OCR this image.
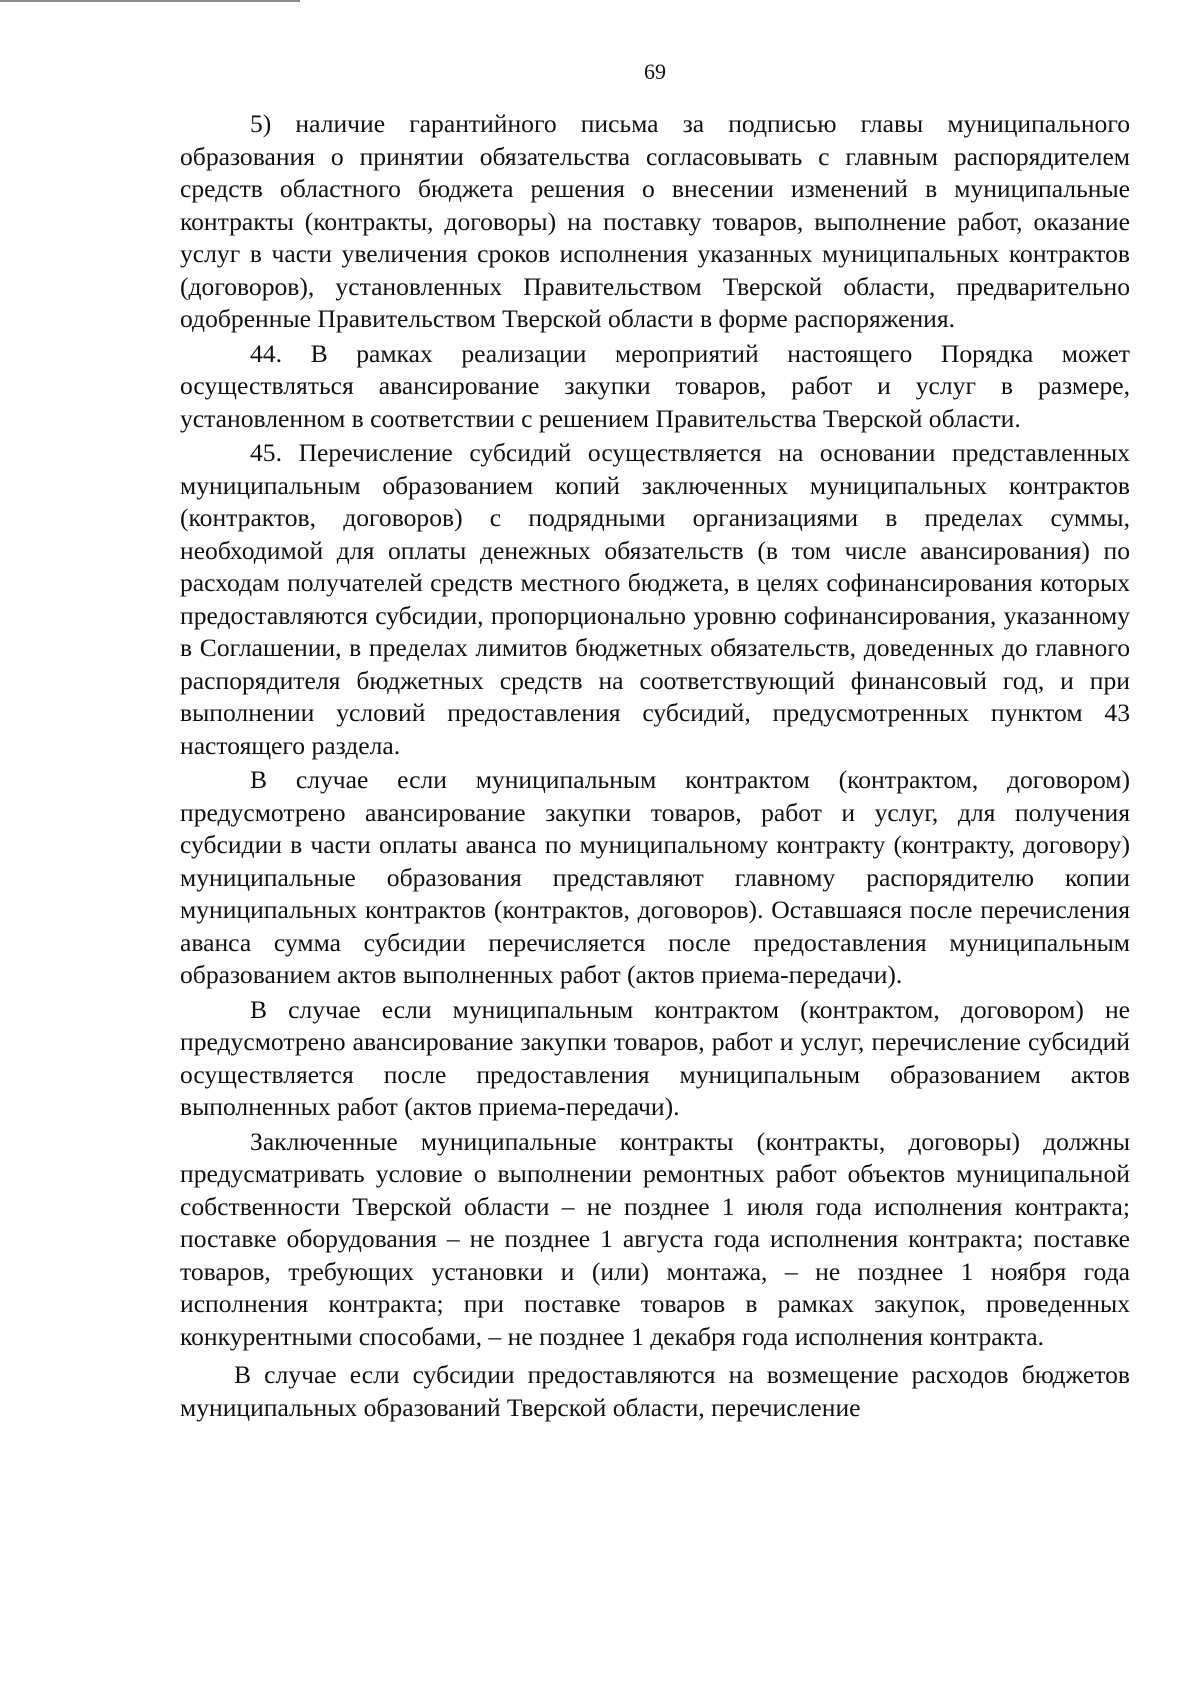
69

5) наличие гарантийного письма за подписью главы муниципального образования о принятии обязательства согласовывать с главным распорядителем средств областного бюджета решения о внесении изменений в муниципальные контракты (контракты, договоры) на поставку товаров, выполнение работ, оказание услуг в части увеличения сроков исполнения указанных муниципальных контрактов (договоров), установленных Правительством Тверской области, предварительно одобренные Правительством Тверской области в форме распоряжения.

44. В рамках реализации мероприятий настоящего Порядка может осуществляться авансирование закупки товаров, работ и услуг в размере, установленном в соответствии с решением Правительства Тверской области.

45. Перечисление субсидий осуществляется на основании представленных муниципальным образованием копий заключенных муниципальных контрактов (контрактов, договоров) с подрядными организациями в пределах суммы, необходимой для оплаты денежных обязательств (в том числе авансирования) по расходам получателей средств местного бюджета, в целях софинансирования которых предоставляются субсидии, пропорционально уровню софинансирования, указанному в Соглашении, в пределах лимитов бюджетных обязательств, доведенных до главного распорядителя бюджетных средств на соответствующий финансовый год, и при выполнении условий предоставления субсидий, предусмотренных пунктом 43 настоящего раздела.

В случае если муниципальным контрактом (контрактом, договором) предусмотрено авансирование закупки товаров, работ и услуг, для получения субсидии в части оплаты аванса по муниципальному контракту (контракту, договору) муниципальные образования представляют главному распорядителю копии муниципальных контрактов (контрактов, договоров). Оставшаяся после перечисления аванса сумма субсидии перечисляется после предоставления муниципальным образованием актов выполненных работ (актов приема-передачи).

В случае если муниципальным контрактом (контрактом, договором) не предусмотрено авансирование закупки товаров, работ и услуг, перечисление субсидий осуществляется после предоставления муниципальным образованием актов выполненных работ (актов приема-передачи).

Заключенные муниципальные контракты (контракты, договоры) должны предусматривать условие о выполнении ремонтных работ объектов муниципальной собственности Тверской области – не позднее 1 июля года исполнения контракта; поставке оборудования – не позднее 1 августа года исполнения контракта; поставке товаров, требующих установки и (или) монтажа, – не позднее 1 ноября года исполнения контракта; при поставке товаров в рамках закупок, проведенных конкурентными способами, – не позднее 1 декабря года исполнения контракта.

В случае если субсидии предоставляются на возмещение расходов бюджетов муниципальных образований Тверской области, перечисление
